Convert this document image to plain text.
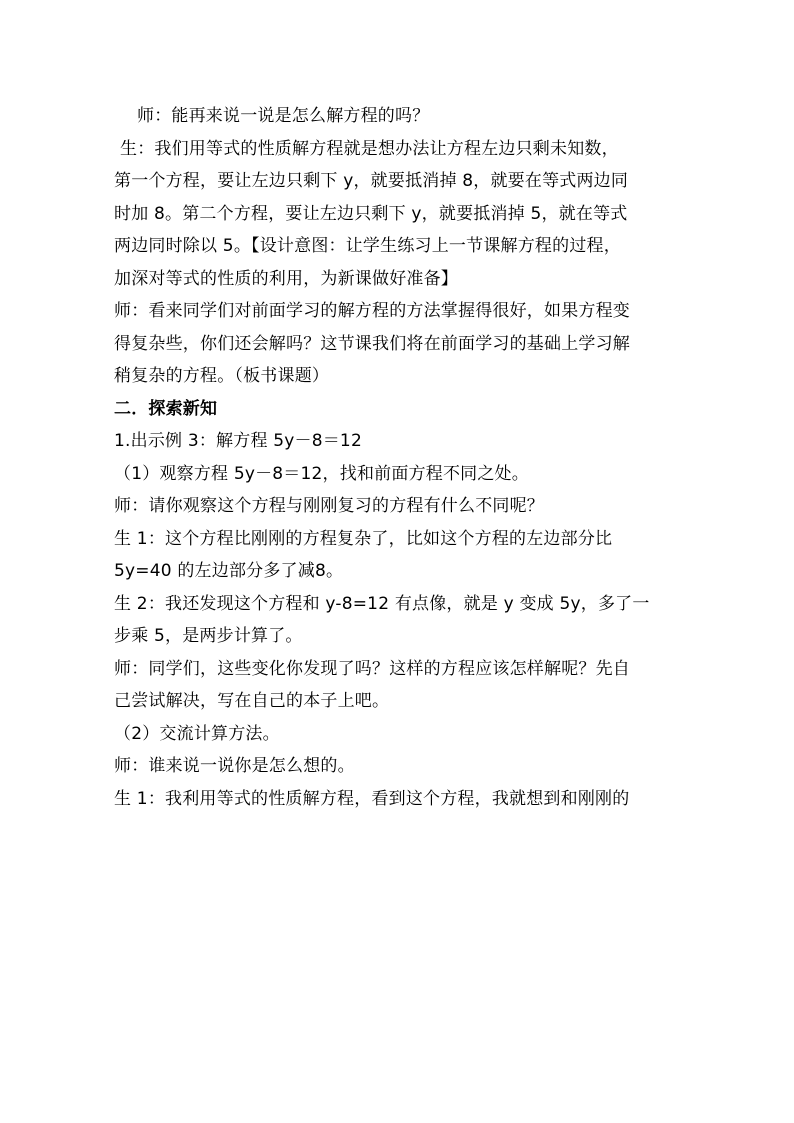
师：能再来说一说是怎么解方程的吗？

生：我们用等式的性质解方程就是想办法让方程左边只剩未知数，

第一个方程，要让左边只剩下 y，就要抵消掉 8，就要在等式两边同

时加 8。第二个方程，要让左边只剩下 y，就要抵消掉 5，就在等式

两边同时除以 5。【设计意图：让学生练习上一节课解方程的过程，

加深对等式的性质的利用，为新课做好准备】

师：看来同学们对前面学习的解方程的方法掌握得很好，如果方程变

得复杂些，你们还会解吗？这节课我们将在前面学习的基础上学习解

稍复杂的方程。（板书课题）

二．探索新知

1.出示例 3：解方程 5y－8＝12

（1）观察方程 5y－8＝12，找和前面方程不同之处。

师：请你观察这个方程与刚刚复习的方程有什么不同呢？

生 1：这个方程比刚刚的方程复杂了，比如这个方程的左边部分比

5y=40 的左边部分多了减8。

生 2：我还发现这个方程和 y-8=12 有点像，就是 y 变成 5y，多了一

步乘 5，是两步计算了。

师：同学们，这些变化你发现了吗？这样的方程应该怎样解呢？先自

己尝试解决，写在自己的本子上吧。

（2）交流计算方法。

师：谁来说一说你是怎么想的。

生 1：我利用等式的性质解方程，看到这个方程，我就想到和刚刚的
